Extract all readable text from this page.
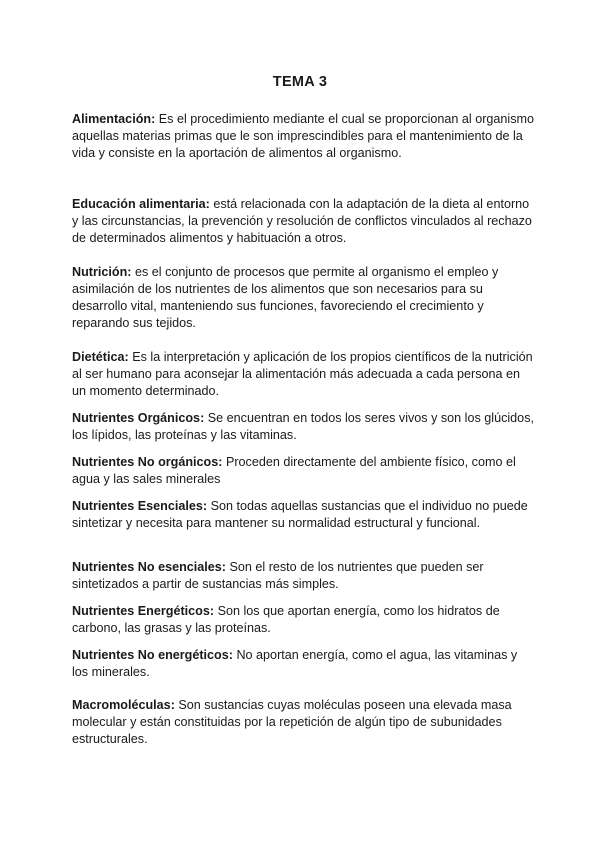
TEMA 3

Alimentación: Es el procedimiento mediante el cual se proporcionan al organismo aquellas materias primas que le son imprescindibles para el mantenimiento de la vida y consiste en la aportación de alimentos al organismo.

Educación alimentaria: está relacionada con la adaptación de la dieta al entorno y las circunstancias, la prevención y resolución de conflictos vinculados al rechazo de determinados alimentos y habituación a otros.

Nutrición: es el conjunto de procesos que permite al organismo el empleo y asimilación de los nutrientes de los alimentos que son necesarios para su desarrollo vital, manteniendo sus funciones, favoreciendo el crecimiento y reparando sus tejidos.

Dietética: Es la interpretación y aplicación de los propios científicos de la nutrición al ser humano para aconsejar la alimentación más adecuada a cada persona en un momento determinado.

Nutrientes Orgánicos: Se encuentran en todos los seres vivos y son los glúcidos, los lípidos, las proteínas y las vitaminas.

Nutrientes No orgánicos: Proceden directamente del ambiente físico, como el agua y las sales minerales

Nutrientes Esenciales: Son todas aquellas sustancias que el individuo no puede sintetizar y necesita para mantener su normalidad estructural y funcional.

Nutrientes No esenciales: Son el resto de los nutrientes que pueden ser sintetizados a partir de sustancias más simples.

Nutrientes Energéticos: Son los que aportan energía, como los hidratos de carbono, las grasas y las proteínas.

Nutrientes No energéticos: No aportan energía, como el agua, las vitaminas y los minerales.

Macromoléculas: Son sustancias cuyas moléculas poseen una elevada masa molecular y están constituidas por la repetición de algún tipo de subunidades estructurales.
